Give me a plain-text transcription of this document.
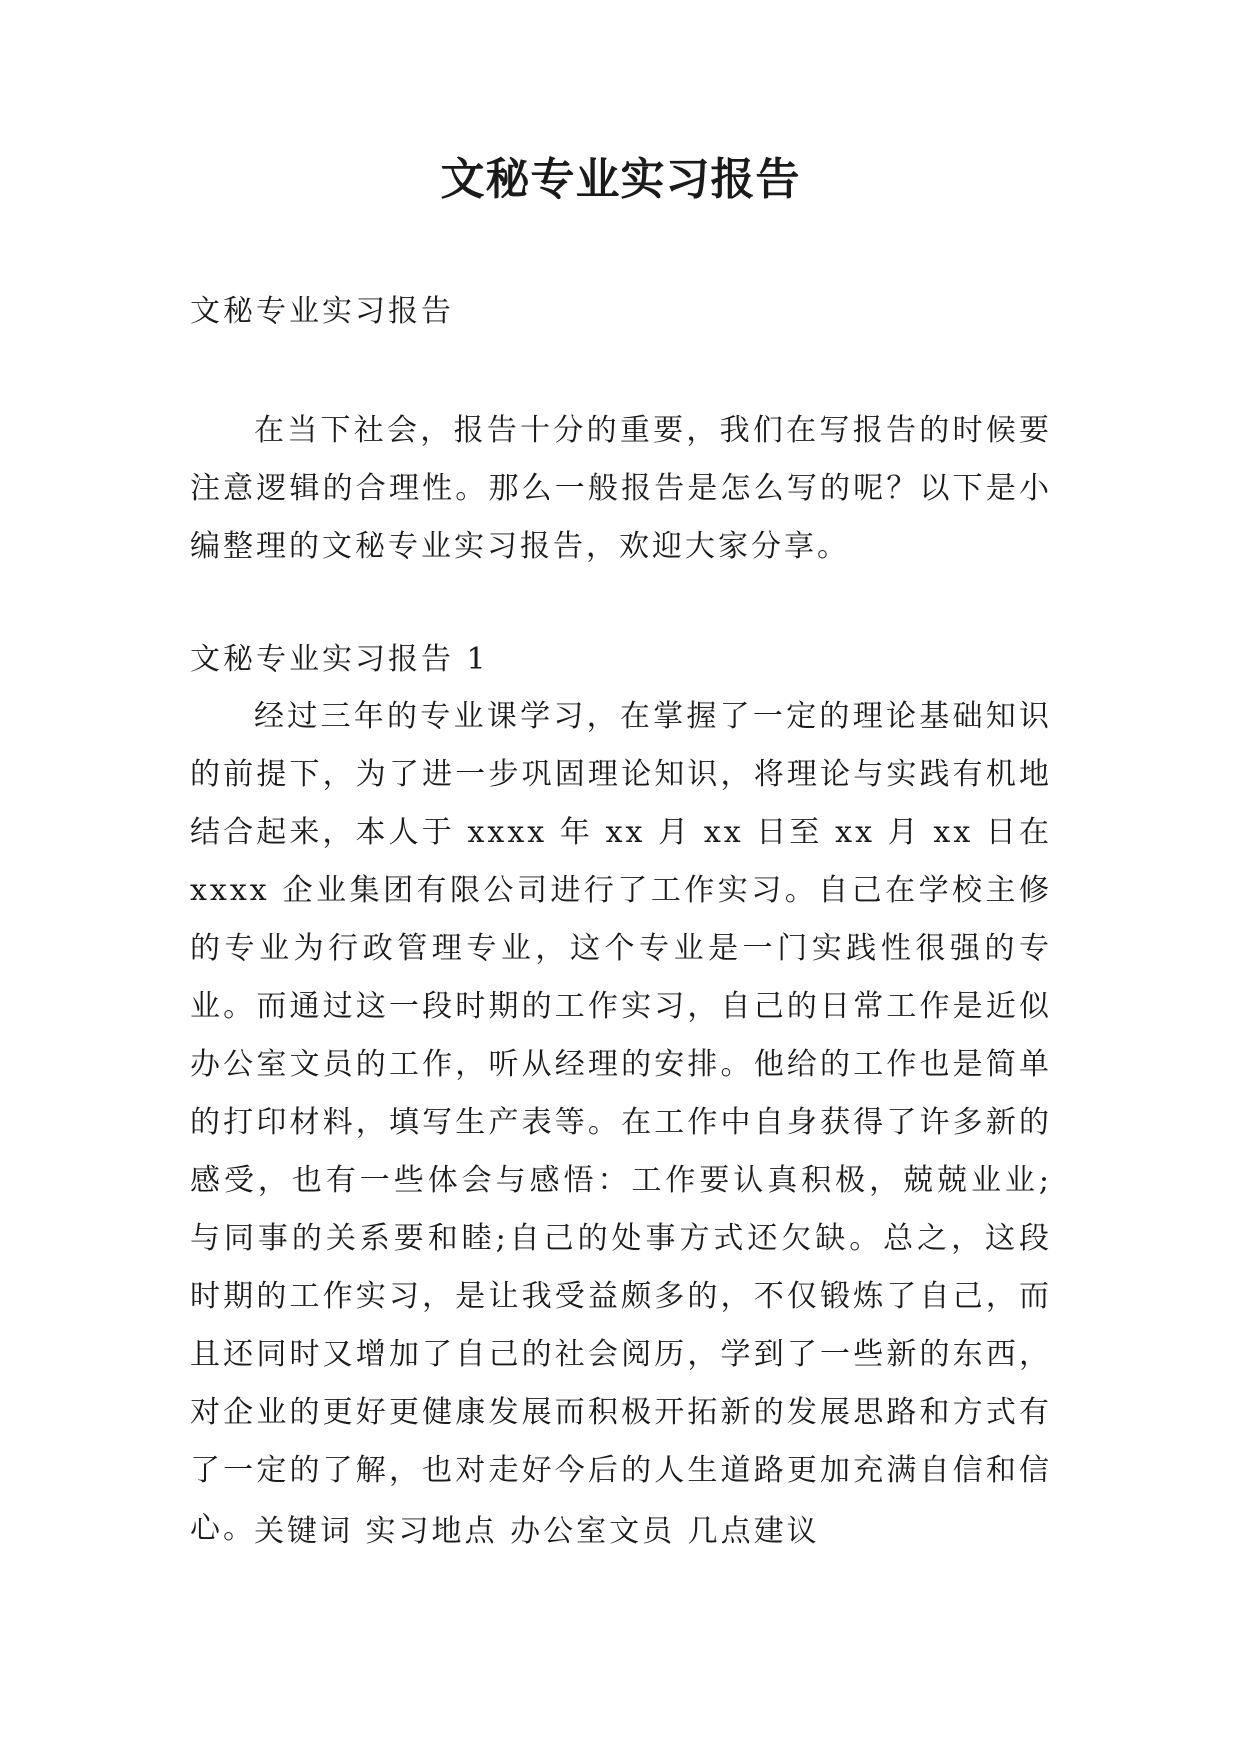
文秘专业实习报告

文秘专业实习报告

在当下社会，报告十分的重要，我们在写报告的时候要注意逻辑的合理性。那么一般报告是怎么写的呢？以下是小编整理的文秘专业实习报告，欢迎大家分享。

文秘专业实习报告 1

经过三年的专业课学习，在掌握了一定的理论基础知识的前提下，为了进一步巩固理论知识，将理论与实践有机地结合起来，本人于 xxxx 年 xx 月 xx 日至 xx 月 xx 日在 xxxx 企业集团有限公司进行了工作实习。自己在学校主修的专业为行政管理专业，这个专业是一门实践性很强的专业。而通过这一段时期的工作实习，自己的日常工作是近似办公室文员的工作，听从经理的安排。他给的工作也是简单的打印材料，填写生产表等。在工作中自身获得了许多新的感受，也有一些体会与感悟：工作要认真积极，兢兢业业;与同事的关系要和睦;自己的处事方式还欠缺。总之，这段时期的工作实习，是让我受益颇多的，不仅锻炼了自己，而且还同时又增加了自己的社会阅历，学到了一些新的东西，对企业的更好更健康发展而积极开拓新的发展思路和方式有了一定的了解，也对走好今后的人生道路更加充满自信和信心。

关键词 实习地点 办公室文员 几点建议
